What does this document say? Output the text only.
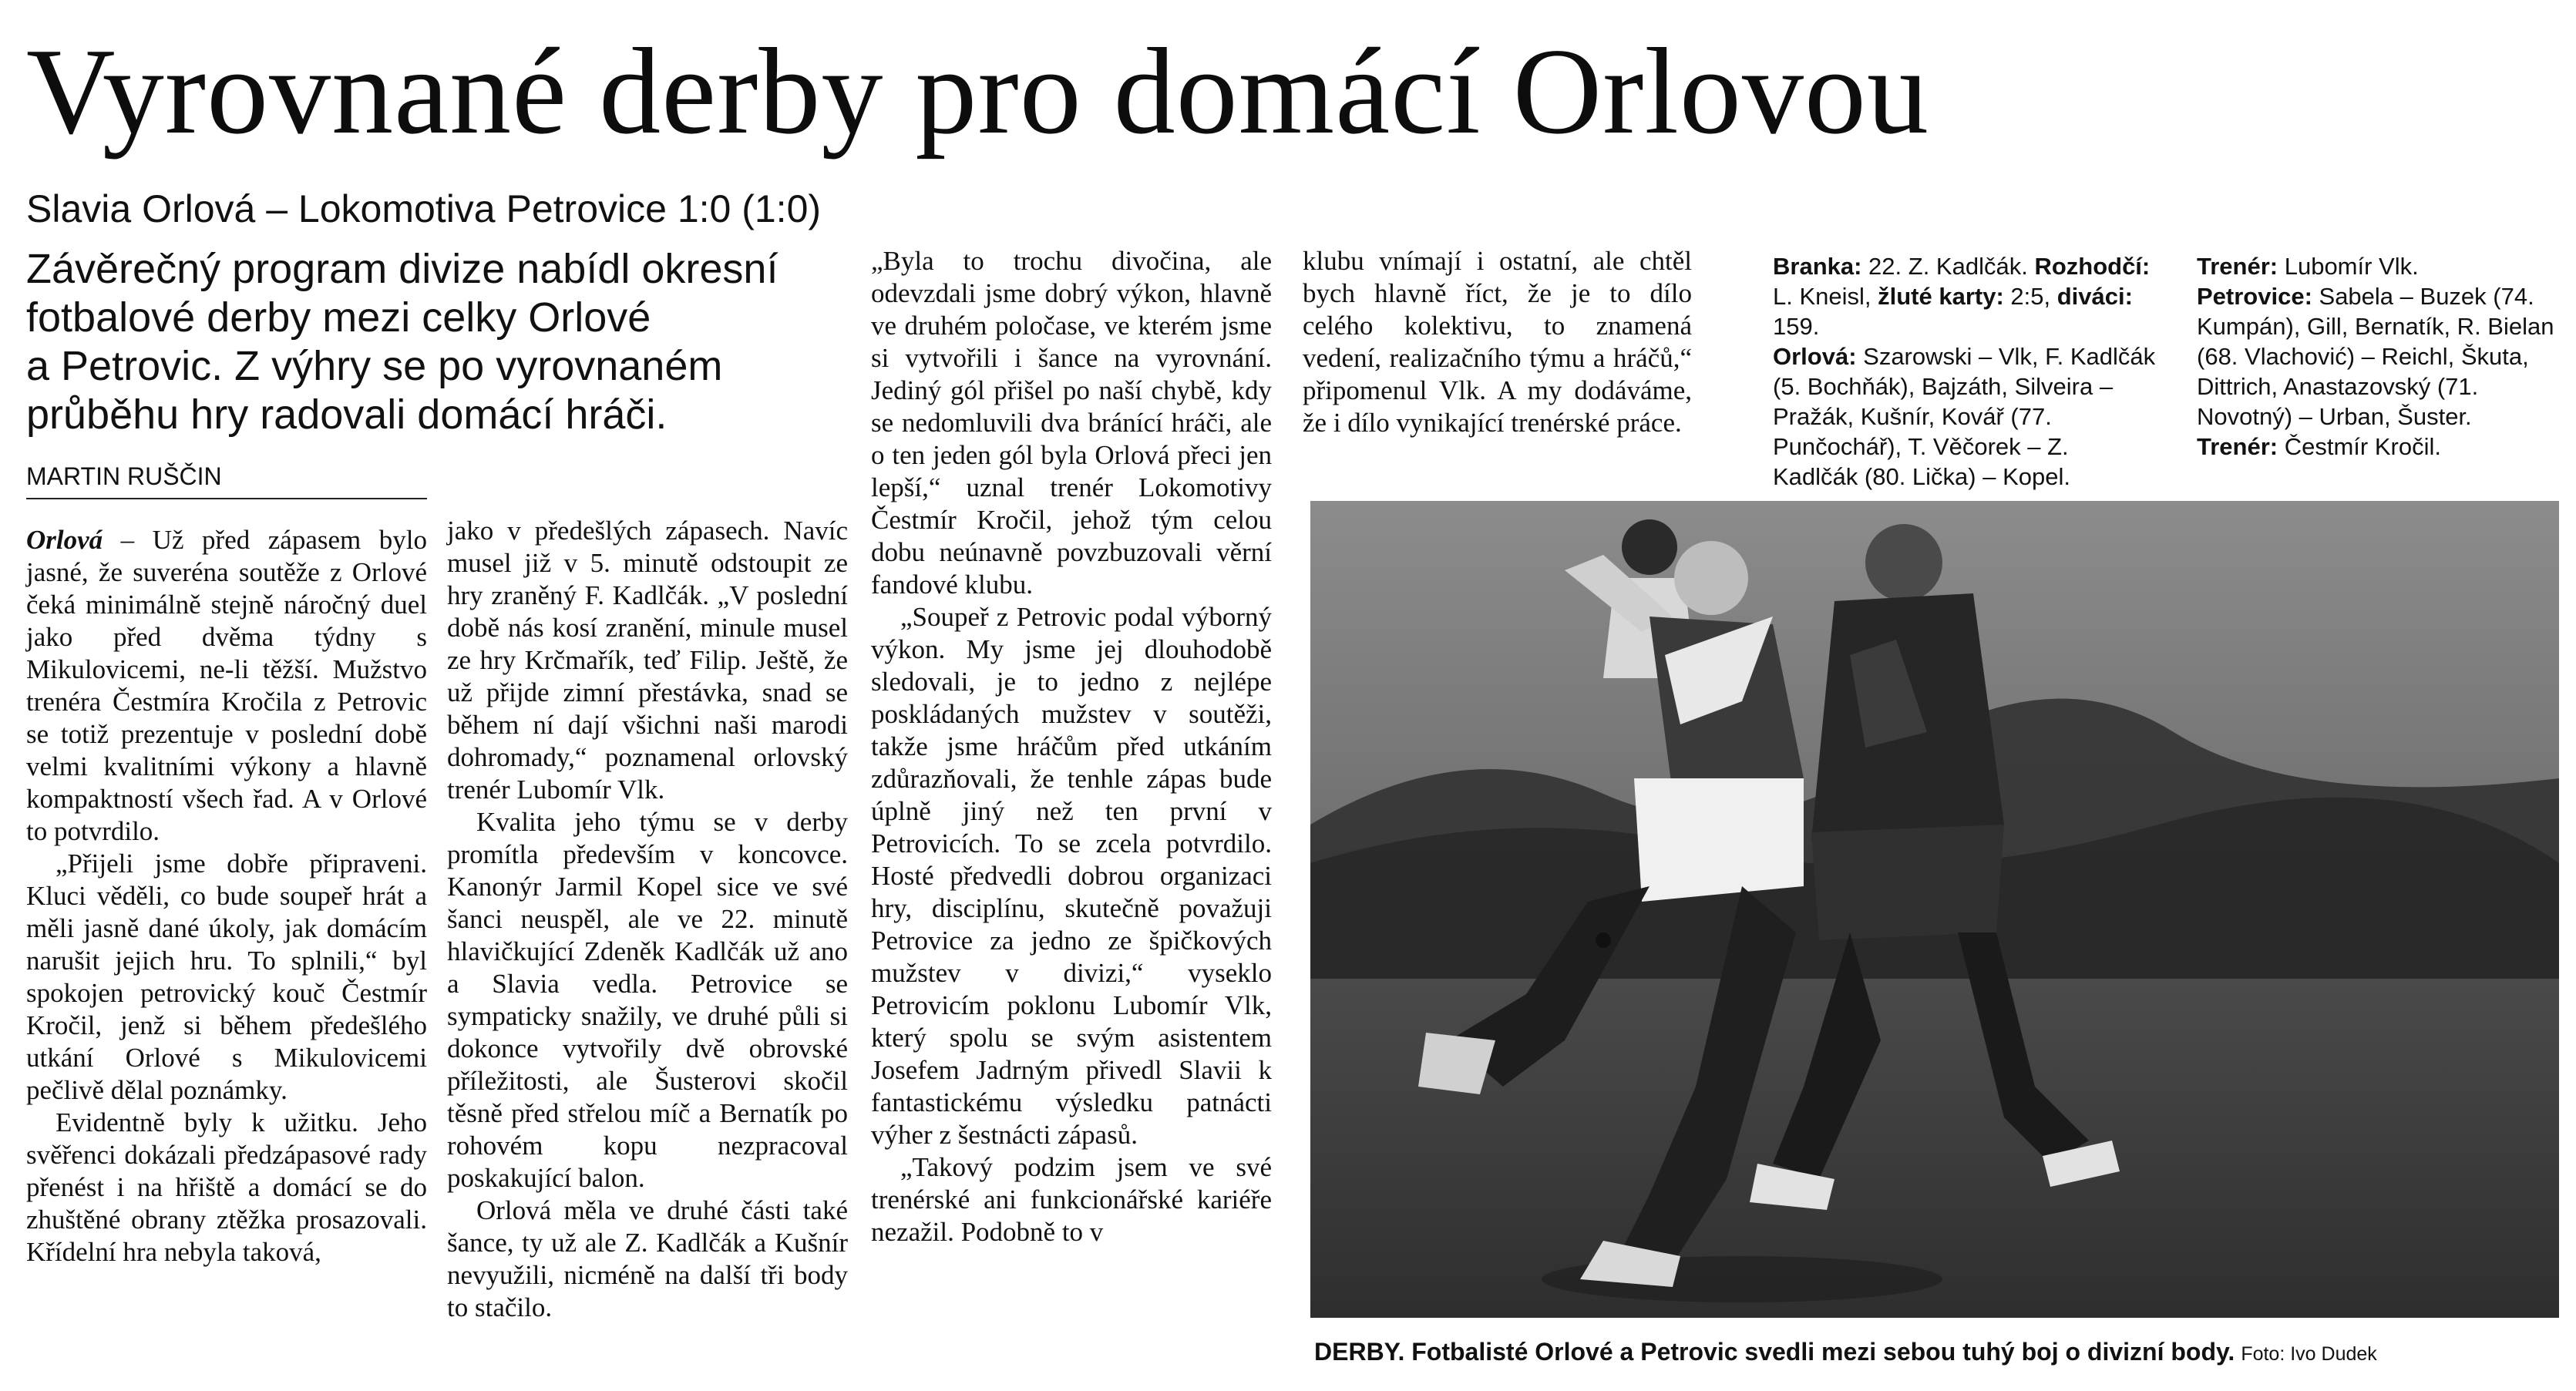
Vyrovnané derby pro domácí Orlovou
Slavia Orlová – Lokomotiva Petrovice 1:0 (1:0)
Závěrečný program divize nabídl okresní
fotbalové derby mezi celky Orlové
a Petrovic. Z výhry se po vyrovnaném
průběhu hry radovali domácí hráči.
MARTIN RUŠČIN

Orlová – Už před zápasem bylo jasné, že suveréna soutěže z Orlové čeká minimálně stejně náročný duel jako před dvěma týdny s Mikulovicemi, ne-li těžší. Mužstvo trenéra Čestmíra Kročila z Petrovic se totiž prezentuje v poslední době velmi kvalitními výkony a hlavně kompaktností všech řad. A v Orlové to potvrdilo.

„Přijeli jsme dobře připraveni. Kluci věděli, co bude soupeř hrát a měli jasně dané úkoly, jak domácím narušit jejich hru. To splnili,“ byl spokojen petrovický kouč Čestmír Kročil, jenž si během předešlého utkání Orlové s Mikulovicemi pečlivě dělal poznámky.

Evidentně byly k užitku. Jeho svěřenci dokázali předzápasové rady přenést i na hřiště a domácí se do zhuštěné obrany ztěžka prosazovali. Křídelní hra nebyla taková,

jako v předešlých zápasech. Navíc musel již v 5. minutě odstoupit ze hry zraněný F. Kadlčák. „V poslední době nás kosí zranění, minule musel ze hry Krčmařík, teď Filip. Ještě, že už přijde zimní přestávka, snad se během ní dají všichni naši marodi dohromady,“ poznamenal orlovský trenér Lubomír Vlk.

Kvalita jeho týmu se v derby promítla především v koncovce. Kanonýr Jarmil Kopel sice ve své šanci neuspěl, ale ve 22. minutě hlavičkující Zdeněk Kadlčák už ano a Slavia vedla. Petrovice se sympaticky snažily, ve druhé půli si dokonce vytvořily dvě obrovské příležitosti, ale Šusterovi skočil těsně před střelou míč a Bernatík po rohovém kopu nezpracoval poskakující balon.

Orlová měla ve druhé části také šance, ty už ale Z. Kadlčák a Kušnír nevyužili, nicméně na další tři body to stačilo.

„Byla to trochu divočina, ale odevzdali jsme dobrý výkon, hlavně ve druhém poločase, ve kterém jsme si vytvořili i šance na vyrovnání. Jediný gól přišel po naší chybě, kdy se nedomluvili dva bránící hráči, ale o ten jeden gól byla Orlová přeci jen lepší,“ uznal trenér Lokomotivy Čestmír Kročil, jehož tým celou dobu neúnavně povzbuzovali věrní fandové klubu.

„Soupeř z Petrovic podal výborný výkon. My jsme jej dlouhodobě sledovali, je to jedno z nejlépe poskládaných mužstev v soutěži, takže jsme hráčům před utkáním zdůrazňovali, že tenhle zápas bude úplně jiný než ten první v Petrovicích. To se zcela potvrdilo. Hosté předvedli dobrou organizaci hry, disciplínu, skutečně považuji Petrovice za jedno ze špičkových mužstev v divizi,“ vyseklo Petrovicím poklonu Lubomír Vlk, který spolu se svým asistentem Josefem Jadrným přivedl Slavii k fantastickému výsledku patnácti výher z šestnácti zápasů.

„Takový podzim jsem ve své trenérské ani funkcionářské kariéře nezažil. Podobně to v

klubu vnímají i ostatní, ale chtěl bych hlavně říct, že je to dílo celého kolektivu, to znamená vedení, realizačního týmu a hráčů,“ připomenul Vlk. A my dodáváme, že i dílo vynikající trenérské práce.

Branka: 22. Z. Kadlčák. Rozhodčí: L. Kneisl, žluté karty: 2:5, diváci: 159.

Orlová: Szarowski – Vlk, F. Kadlčák (5. Bochňák), Bajzáth, Silveira – Pražák, Kušnír, Kovář (77. Punčochář), T. Věčorek – Z. Kadlčák (80. Lička) – Kopel.

Trenér: Lubomír Vlk.

Petrovice: Sabela – Buzek (74. Kumpán), Gill, Bernatík, R. Bielan (68. Vlachović) – Reichl, Škuta, Dittrich, Anastazovský (71. Novotný) – Urban, Šuster. Trenér: Čestmír Kročil.

DERBY. Fotbalisté Orlové a Petrovic svedli mezi sebou tuhý boj o divizní body. Foto: Ivo Dudek
